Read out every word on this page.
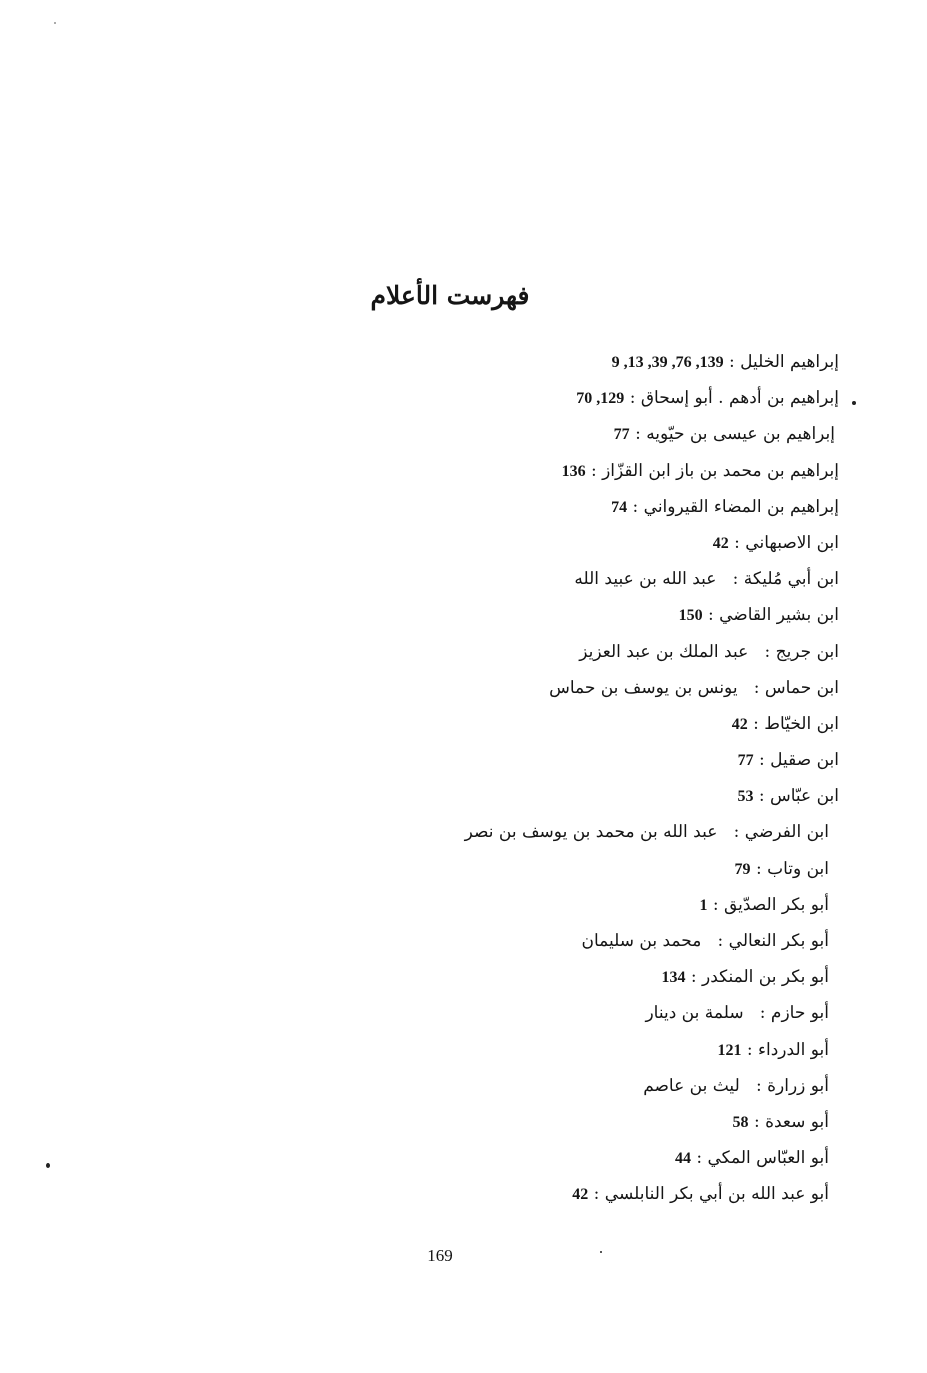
فهرست الأعلام
إبراهيم الخليل : 9 ,13 ,39 ,76 ,139
إبراهيم بن أدهم . أبو إسحاق : 70 ,129
إبراهيم بن عيسى بن حيّويه : 77
إبراهيم بن محمد بن باز ابن القزّاز : 136
إبراهيم بن المضاء القيرواني : 74
ابن الاصبهاني : 42
ابن أبي مُليكة :   عبد الله بن عبيد الله
ابن بشير القاضي : 150
ابن جريج :   عبد الملك بن عبد العزيز
ابن حماس :   يونس بن يوسف بن حماس
ابن الخيّاط : 42
ابن صقيل : 77
ابن عبّاس : 53
ابن الفرضي :   عبد الله بن محمد بن يوسف بن نصر
ابن وتاب : 79
أبو بكر الصدّيق : 1
أبو بكر النعالي :   محمد بن سليمان
أبو بكر بن المنكدر : 134
أبو حازم :   سلمة بن دينار
أبو الدرداء : 121
أبو زرارة :   ليث بن عاصم
أبو سعدة : 58
أبو العبّاس المكي : 44
أبو عبد الله بن أبي بكر النابلسي : 42
169
